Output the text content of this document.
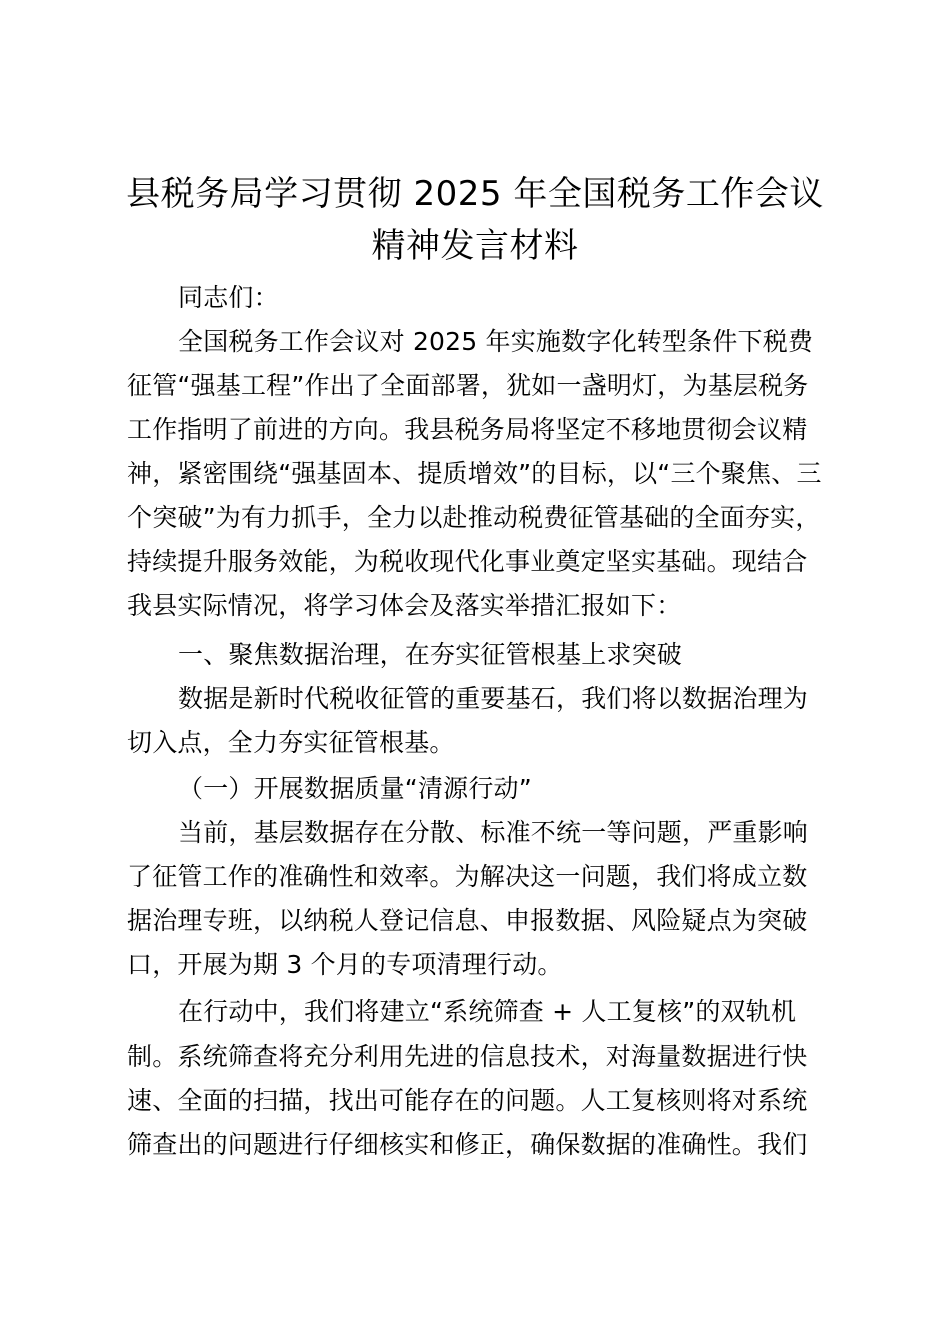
县税务局学习贯彻 2025 年全国税务工作会议
精神发言材料
同志们：
全国税务工作会议对 2025 年实施数字化转型条件下税费
征管“强基工程”作出了全面部署，犹如一盏明灯，为基层税务
工作指明了前进的方向。我县税务局将坚定不移地贯彻会议精
神，紧密围绕“强基固本、提质增效”的目标，以“三个聚焦、三
个突破”为有力抓手，全力以赴推动税费征管基础的全面夯实，
持续提升服务效能，为税收现代化事业奠定坚实基础。现结合
我县实际情况，将学习体会及落实举措汇报如下：
一、聚焦数据治理，在夯实征管根基上求突破
数据是新时代税收征管的重要基石，我们将以数据治理为
切入点，全力夯实征管根基。
（一）开展数据质量“清源行动”
当前，基层数据存在分散、标准不统一等问题，严重影响
了征管工作的准确性和效率。为解决这一问题，我们将成立数
据治理专班，以纳税人登记信息、申报数据、风险疑点为突破
口，开展为期 3 个月的专项清理行动。
在行动中，我们将建立“系统筛查 + 人工复核”的双轨机
制。系统筛查将充分利用先进的信息技术，对海量数据进行快
速、全面的扫描，找出可能存在的问题。人工复核则将对系统
筛查出的问题进行仔细核实和修正，确保数据的准确性。我们
